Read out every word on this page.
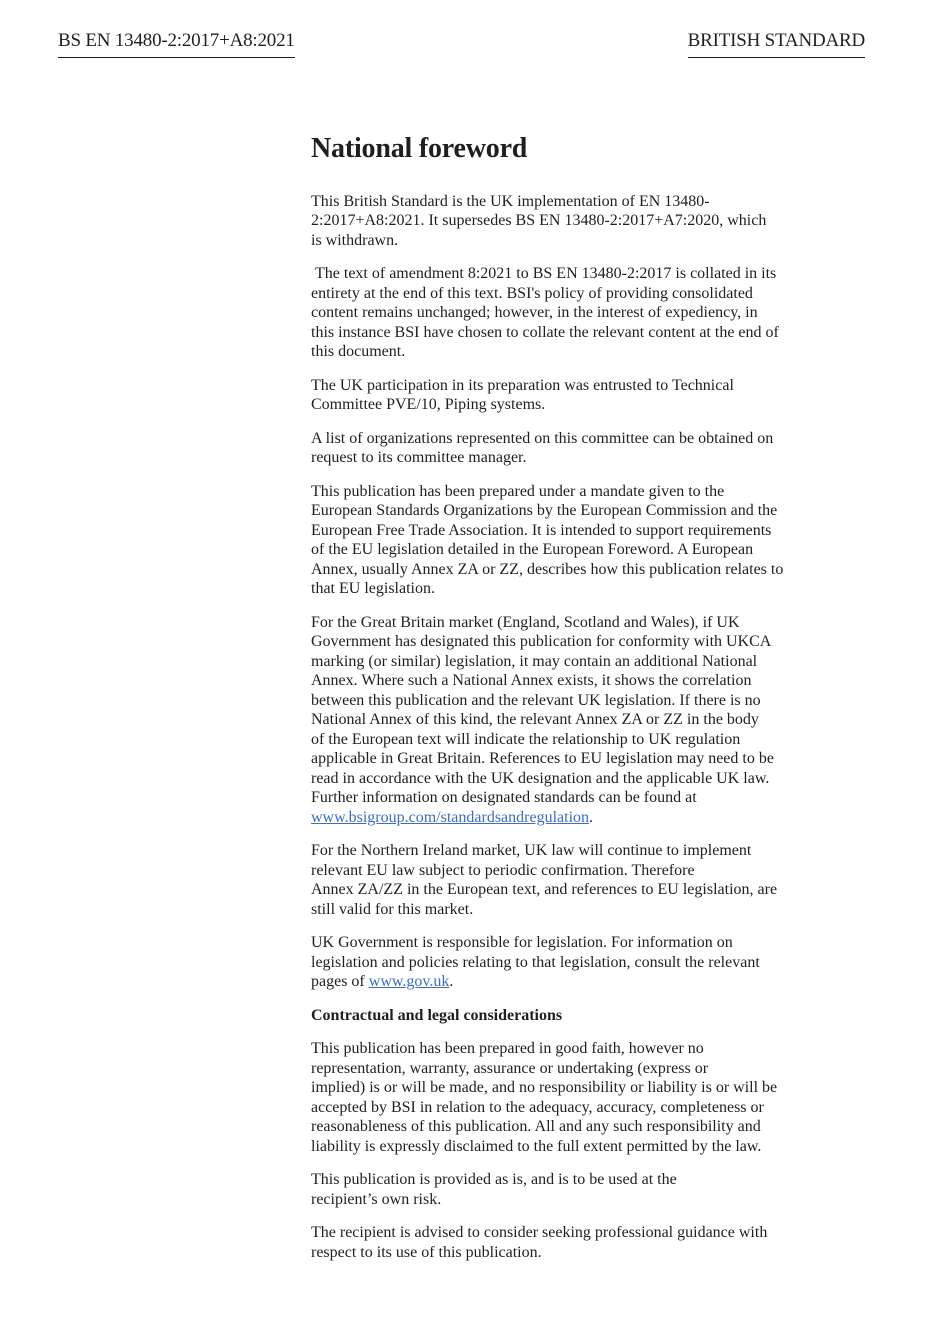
BS EN 13480-2:2017+A8:2021	BRITISH STANDARD
National foreword

This British Standard is the UK implementation of EN 13480-
2:2017+A8:2021. It supersedes BS EN 13480-2:2017+A7:2020, which
is withdrawn.

The text of amendment 8:2021 to BS EN 13480-2:2017 is collated in its
entirety at the end of this text. BSI's policy of providing consolidated
content remains unchanged; however, in the interest of expediency, in
this instance BSI have chosen to collate the relevant content at the end of
this document.

The UK participation in its preparation was entrusted to Technical
Committee PVE/10, Piping systems.

A list of organizations represented on this committee can be obtained on
request to its committee manager.

This publication has been prepared under a mandate given to the
European Standards Organizations by the European Commission and the
European Free Trade Association. It is intended to support requirements
of the EU legislation detailed in the European Foreword. A European
Annex, usually Annex ZA or ZZ, describes how this publication relates to
that EU legislation.

For the Great Britain market (England, Scotland and Wales), if UK
Government has designated this publication for conformity with UKCA
marking (or similar) legislation, it may contain an additional National
Annex. Where such a National Annex exists, it shows the correlation
between this publication and the relevant UK legislation. If there is no
National Annex of this kind, the relevant Annex ZA or ZZ in the body
of the European text will indicate the relationship to UK regulation
applicable in Great Britain. References to EU legislation may need to be
read in accordance with the UK designation and the applicable UK law.
Further information on designated standards can be found at
www.bsigroup.com/standardsandregulation.

For the Northern Ireland market, UK law will continue to implement
relevant EU law subject to periodic confirmation. Therefore
Annex ZA/ZZ in the European text, and references to EU legislation, are
still valid for this market.

UK Government is responsible for legislation. For information on
legislation and policies relating to that legislation, consult the relevant
pages of www.gov.uk.

Contractual and legal considerations

This publication has been prepared in good faith, however no
representation, warranty, assurance or undertaking (express or
implied) is or will be made, and no responsibility or liability is or will be
accepted by BSI in relation to the adequacy, accuracy, completeness or
reasonableness of this publication. All and any such responsibility and
liability is expressly disclaimed to the full extent permitted by the law.

This publication is provided as is, and is to be used at the
recipient’s own risk.

The recipient is advised to consider seeking professional guidance with
respect to its use of this publication.
